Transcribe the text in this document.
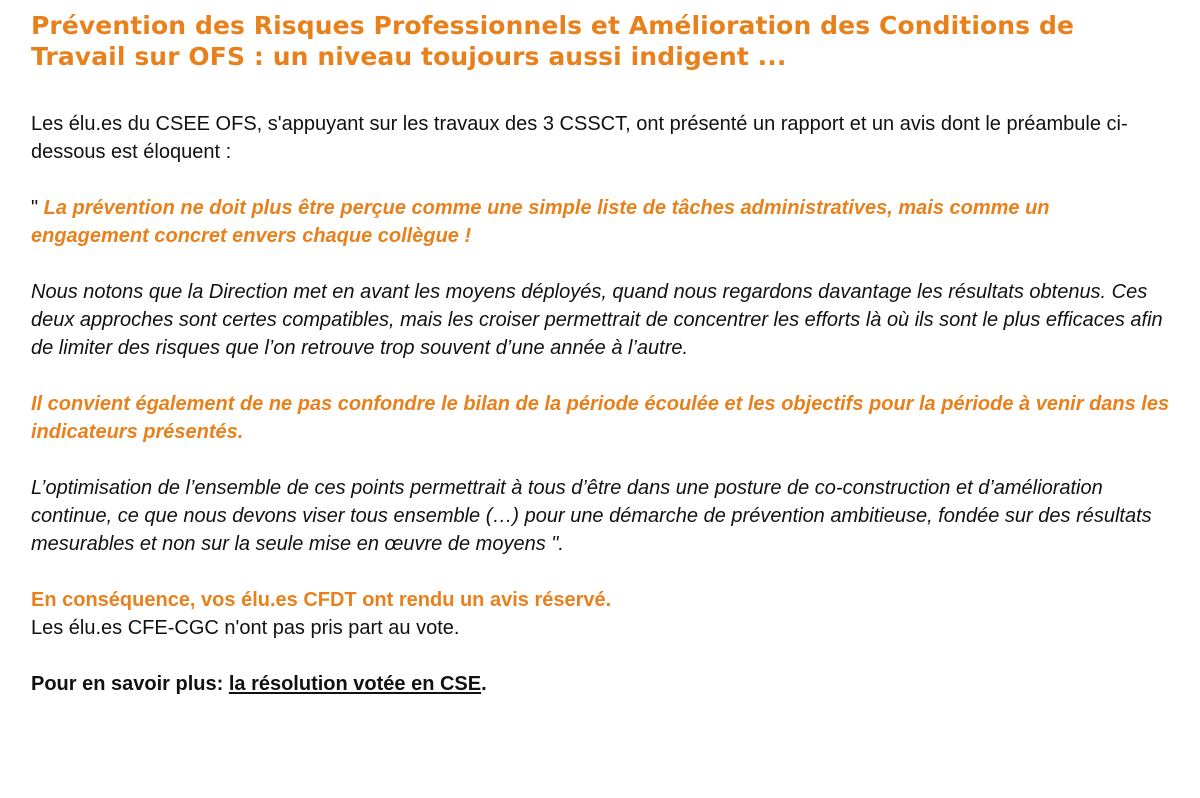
Prévention des Risques Professionnels et Amélioration des Conditions de Travail sur OFS : un niveau toujours aussi indigent ...

Les élu.es du CSEE OFS, s'appuyant sur les travaux des 3 CSSCT, ont présenté un rapport et un avis dont le préambule ci-dessous est éloquent :

" La prévention ne doit plus être perçue comme une simple liste de tâches administratives, mais comme un engagement concret envers chaque collègue !

Nous notons que la Direction met en avant les moyens déployés, quand nous regardons davantage les résultats obtenus. Ces deux approches sont certes compatibles, mais les croiser permettrait de concentrer les efforts là où ils sont le plus efficaces afin de limiter des risques que l’on retrouve trop souvent d’une année à l’autre.

Il convient également de ne pas confondre le bilan de la période écoulée et les objectifs pour la période à venir dans les indicateurs présentés.

L’optimisation de l’ensemble de ces points permettrait à tous d’être dans une posture de co-construction et d’amélioration continue, ce que nous devons viser tous ensemble (…) pour une démarche de prévention ambitieuse, fondée sur des résultats mesurables et non sur la seule mise en œuvre de moyens ".

En conséquence, vos élu.es CFDT ont rendu un avis réservé.

Les élu.es CFE-CGC n'ont pas pris part au vote.

Pour en savoir plus: la résolution votée en CSE.
